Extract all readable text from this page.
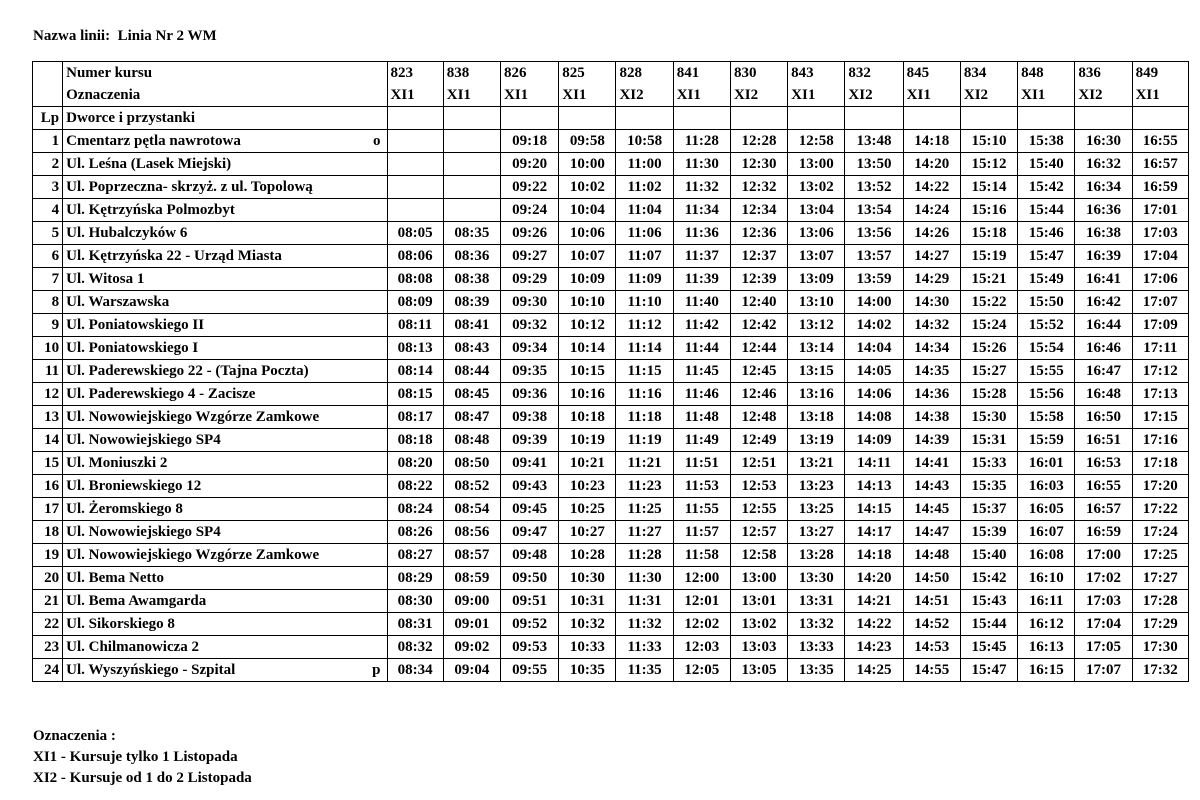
Nazwa linii: Linia Nr 2 WM
	Numer kursu	823	838	826	825	828	841	830	843	832	845	834	848	836	849
	Oznaczenia	XI1	XI1	XI1	XI1	XI2	XI1	XI2	XI1	XI2	XI1	XI2	XI1	XI2	XI1
Lp	Dworce i przystanki														
1	Cmentarz pętla nawrotowa o			09:18	09:58	10:58	11:28	12:28	12:58	13:48	14:18	15:10	15:38	16:30	16:55
2	Ul. Leśna (Lasek Miejski)			09:20	10:00	11:00	11:30	12:30	13:00	13:50	14:20	15:12	15:40	16:32	16:57
3	Ul. Poprzeczna- skrzyż. z ul. Topolową			09:22	10:02	11:02	11:32	12:32	13:02	13:52	14:22	15:14	15:42	16:34	16:59
4	Ul. Kętrzyńska Polmozbyt			09:24	10:04	11:04	11:34	12:34	13:04	13:54	14:24	15:16	15:44	16:36	17:01
5	Ul. Hubalczyków 6	08:05	08:35	09:26	10:06	11:06	11:36	12:36	13:06	13:56	14:26	15:18	15:46	16:38	17:03
6	Ul. Kętrzyńska 22 - Urząd Miasta	08:06	08:36	09:27	10:07	11:07	11:37	12:37	13:07	13:57	14:27	15:19	15:47	16:39	17:04
7	Ul. Witosa 1	08:08	08:38	09:29	10:09	11:09	11:39	12:39	13:09	13:59	14:29	15:21	15:49	16:41	17:06
8	Ul. Warszawska	08:09	08:39	09:30	10:10	11:10	11:40	12:40	13:10	14:00	14:30	15:22	15:50	16:42	17:07
9	Ul. Poniatowskiego II	08:11	08:41	09:32	10:12	11:12	11:42	12:42	13:12	14:02	14:32	15:24	15:52	16:44	17:09
10	Ul. Poniatowskiego I	08:13	08:43	09:34	10:14	11:14	11:44	12:44	13:14	14:04	14:34	15:26	15:54	16:46	17:11
11	Ul. Paderewskiego 22 - (Tajna Poczta)	08:14	08:44	09:35	10:15	11:15	11:45	12:45	13:15	14:05	14:35	15:27	15:55	16:47	17:12
12	Ul. Paderewskiego 4 - Zacisze	08:15	08:45	09:36	10:16	11:16	11:46	12:46	13:16	14:06	14:36	15:28	15:56	16:48	17:13
13	Ul. Nowowiejskiego Wzgórze Zamkowe	08:17	08:47	09:38	10:18	11:18	11:48	12:48	13:18	14:08	14:38	15:30	15:58	16:50	17:15
14	Ul. Nowowiejskiego SP4	08:18	08:48	09:39	10:19	11:19	11:49	12:49	13:19	14:09	14:39	15:31	15:59	16:51	17:16
15	Ul. Moniuszki 2	08:20	08:50	09:41	10:21	11:21	11:51	12:51	13:21	14:11	14:41	15:33	16:01	16:53	17:18
16	Ul. Broniewskiego 12	08:22	08:52	09:43	10:23	11:23	11:53	12:53	13:23	14:13	14:43	15:35	16:03	16:55	17:20
17	Ul. Żeromskiego 8	08:24	08:54	09:45	10:25	11:25	11:55	12:55	13:25	14:15	14:45	15:37	16:05	16:57	17:22
18	Ul. Nowowiejskiego SP4	08:26	08:56	09:47	10:27	11:27	11:57	12:57	13:27	14:17	14:47	15:39	16:07	16:59	17:24
19	Ul. Nowowiejskiego Wzgórze Zamkowe	08:27	08:57	09:48	10:28	11:28	11:58	12:58	13:28	14:18	14:48	15:40	16:08	17:00	17:25
20	Ul. Bema Netto	08:29	08:59	09:50	10:30	11:30	12:00	13:00	13:30	14:20	14:50	15:42	16:10	17:02	17:27
21	Ul. Bema Awamgarda	08:30	09:00	09:51	10:31	11:31	12:01	13:01	13:31	14:21	14:51	15:43	16:11	17:03	17:28
22	Ul. Sikorskiego 8	08:31	09:01	09:52	10:32	11:32	12:02	13:02	13:32	14:22	14:52	15:44	16:12	17:04	17:29
23	Ul. Chilmanowicza 2	08:32	09:02	09:53	10:33	11:33	12:03	13:03	13:33	14:23	14:53	15:45	16:13	17:05	17:30
24	Ul. Wyszyńskiego - Szpital p	08:34	09:04	09:55	10:35	11:35	12:05	13:05	13:35	14:25	14:55	15:47	16:15	17:07	17:32
Oznaczenia :
XI1 - Kursuje tylko 1 Listopada
XI2 - Kursuje od 1 do 2 Listopada
